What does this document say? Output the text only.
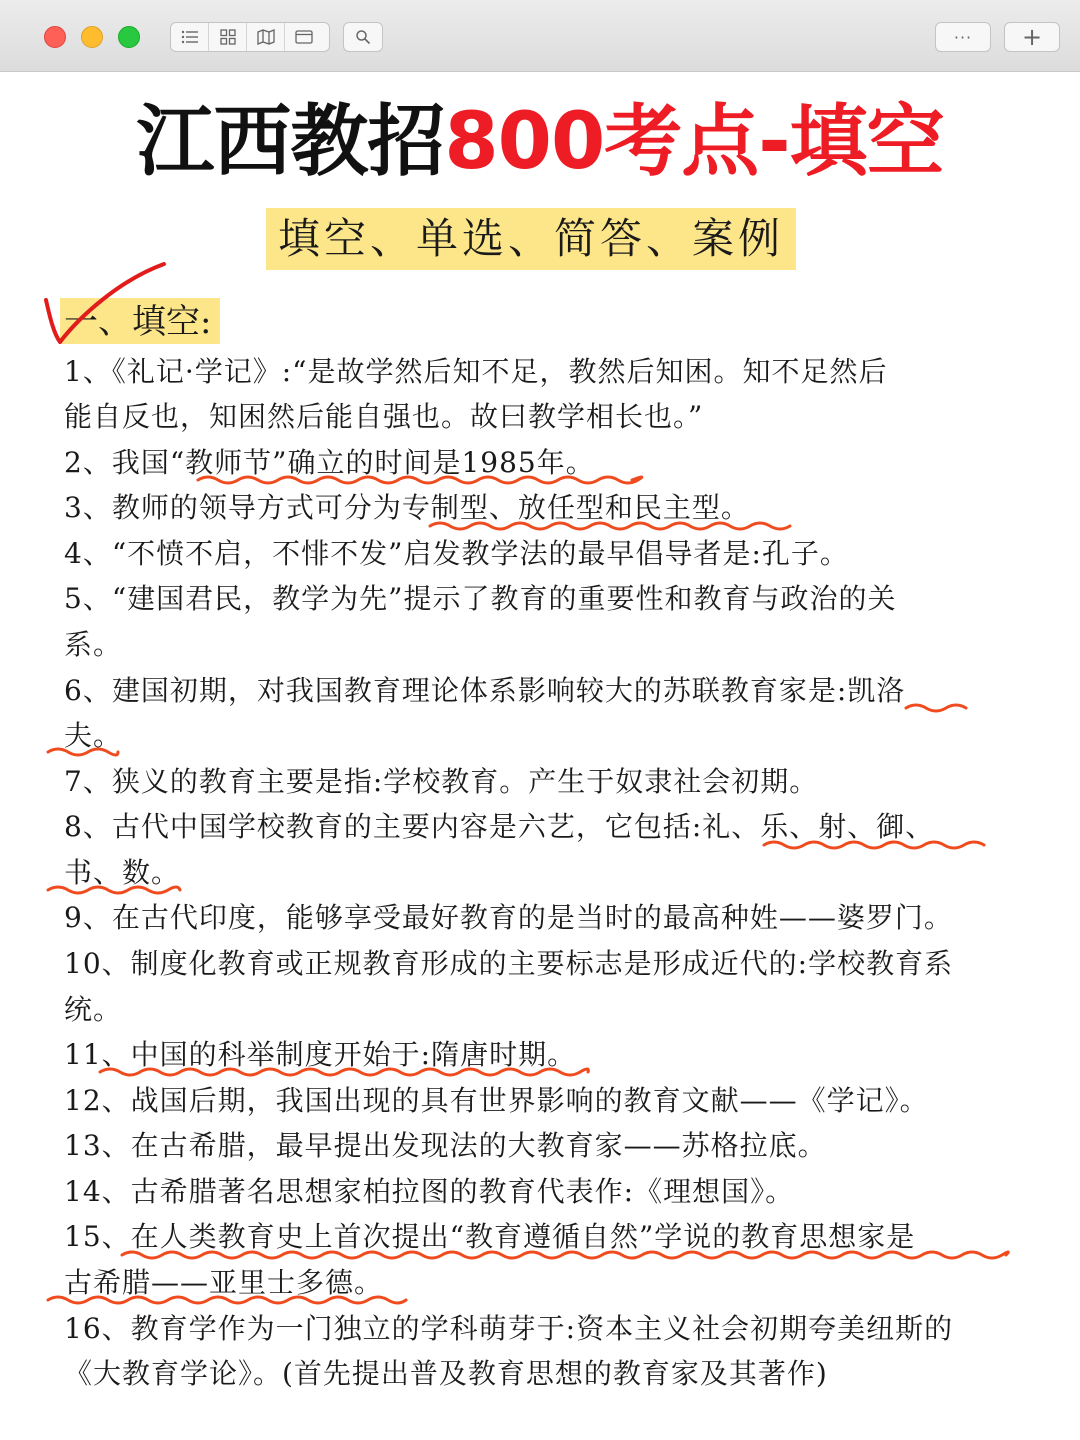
···	+
江西教招800考点-填空
填空、单选、简答、案例
一、填空:
1、《礼记·学记》:“是故学然后知不足，教然后知困。知不足然后
能自反也，知困然后能自强也。故曰教学相长也。”
2、我国“教师节”确立的时间是1985年。
3、教师的领导方式可分为专制型、放任型和民主型。
4、“不愤不启，不悱不发”启发教学法的最早倡导者是:孔子。
5、“建国君民，教学为先”提示了教育的重要性和教育与政治的关
系。
6、建国初期，对我国教育理论体系影响较大的苏联教育家是:凯洛
夫。
7、狭义的教育主要是指:学校教育。产生于奴隶社会初期。
8、古代中国学校教育的主要内容是六艺，它包括:礼、乐、射、御、
书、数。
9、在古代印度，能够享受最好教育的是当时的最高种姓——婆罗门。
10、制度化教育或正规教育形成的主要标志是形成近代的:学校教育系
统。
11、中国的科举制度开始于:隋唐时期。
12、战国后期，我国出现的具有世界影响的教育文献——《学记》。
13、在古希腊，最早提出发现法的大教育家——苏格拉底。
14、古希腊著名思想家柏拉图的教育代表作:《理想国》。
15、在人类教育史上首次提出“教育遵循自然”学说的教育思想家是
古希腊——亚里士多德。
16、教育学作为一门独立的学科萌芽于:资本主义社会初期夸美纽斯的
《大教育学论》。(首先提出普及教育思想的教育家及其著作)
